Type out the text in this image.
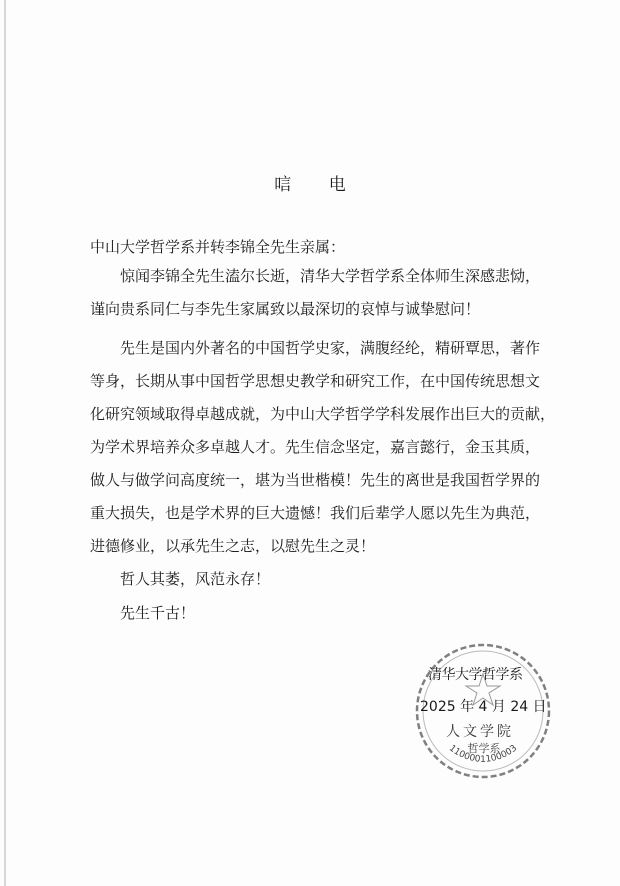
唁 电
中山大学哲学系并转李锦全先生亲属：
惊闻李锦全先生溘尔长逝，清华大学哲学系全体师生深感悲恸，
谨向贵系同仁与李先生家属致以最深切的哀悼与诚挚慰问！
先生是国内外著名的中国哲学史家，满腹经纶，精研覃思，著作
等身，长期从事中国哲学思想史教学和研究工作，在中国传统思想文
化研究领域取得卓越成就，为中山大学哲学学科发展作出巨大的贡献，
为学术界培养众多卓越人才。先生信念坚定，嘉言懿行，金玉其质，
做人与做学问高度统一，堪为当世楷模！先生的离世是我国哲学界的
重大损失，也是学术界的巨大遗憾！我们后辈学人愿以先生为典范，
进德修业，以承先生之志，以慰先生之灵！
哲人其萎，风范永存！
先生千古！
1100001100003
人文学院
哲学系
清华大学哲学系
2025 年 4 月 24 日
